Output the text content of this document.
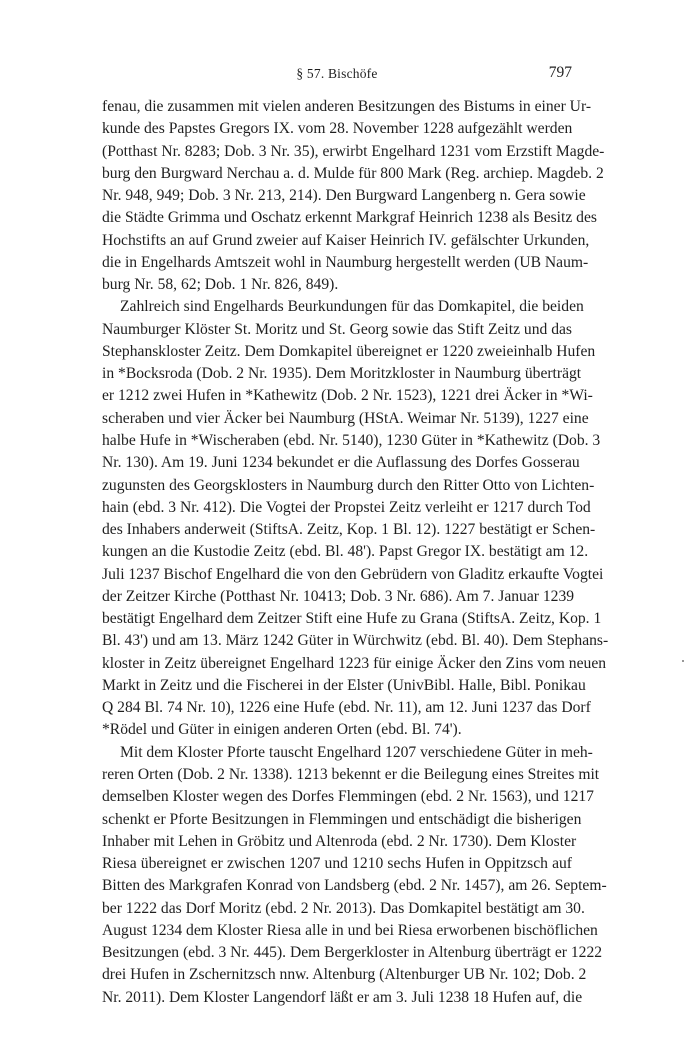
§ 57. Bischöfe	797
fenau, die zusammen mit vielen anderen Besitzungen des Bistums in einer Ur-
kunde des Papstes Gregors IX. vom 28. November 1228 aufgezählt werden
(Potthast Nr. 8283; Dob. 3 Nr. 35), erwirbt Engelhard 1231 vom Erzstift Magde-
burg den Burgward Nerchau a. d. Mulde für 800 Mark (Reg. archiep. Magdeb. 2
Nr. 948, 949; Dob. 3 Nr. 213, 214). Den Burgward Langenberg n. Gera sowie
die Städte Grimma und Oschatz erkennt Markgraf Heinrich 1238 als Besitz des
Hochstifts an auf Grund zweier auf Kaiser Heinrich IV. gefälschter Urkunden,
die in Engelhards Amtszeit wohl in Naumburg hergestellt werden (UB Naum-
burg Nr. 58, 62; Dob. 1 Nr. 826, 849).
Zahlreich sind Engelhards Beurkundungen für das Domkapitel, die beiden
Naumburger Klöster St. Moritz und St. Georg sowie das Stift Zeitz und das
Stephanskloster Zeitz. Dem Domkapitel übereignet er 1220 zweieinhalb Hufen
in *Bocksroda (Dob. 2 Nr. 1935). Dem Moritzkloster in Naumburg überträgt
er 1212 zwei Hufen in *Kathewitz (Dob. 2 Nr. 1523), 1221 drei Äcker in *Wi-
scheraben und vier Äcker bei Naumburg (HStA. Weimar Nr. 5139), 1227 eine
halbe Hufe in *Wischeraben (ebd. Nr. 5140), 1230 Güter in *Kathewitz (Dob. 3
Nr. 130). Am 19. Juni 1234 bekundet er die Auflassung des Dorfes Gosserau
zugunsten des Georgsklosters in Naumburg durch den Ritter Otto von Lichten-
hain (ebd. 3 Nr. 412). Die Vogtei der Propstei Zeitz verleiht er 1217 durch Tod
des Inhabers anderweit (StiftsA. Zeitz, Kop. 1 Bl. 12). 1227 bestätigt er Schen-
kungen an die Kustodie Zeitz (ebd. Bl. 48'). Papst Gregor IX. bestätigt am 12.
Juli 1237 Bischof Engelhard die von den Gebrüdern von Gladitz erkaufte Vogtei
der Zeitzer Kirche (Potthast Nr. 10413; Dob. 3 Nr. 686). Am 7. Januar 1239
bestätigt Engelhard dem Zeitzer Stift eine Hufe zu Grana (StiftsA. Zeitz, Kop. 1
Bl. 43') und am 13. März 1242 Güter in Würchwitz (ebd. Bl. 40). Dem Stephans-
kloster in Zeitz übereignet Engelhard 1223 für einige Äcker den Zins vom neuen
Markt in Zeitz und die Fischerei in der Elster (UnivBibl. Halle, Bibl. Ponikau
Q 284 Bl. 74 Nr. 10), 1226 eine Hufe (ebd. Nr. 11), am 12. Juni 1237 das Dorf
*Rödel und Güter in einigen anderen Orten (ebd. Bl. 74').
Mit dem Kloster Pforte tauscht Engelhard 1207 verschiedene Güter in meh-
reren Orten (Dob. 2 Nr. 1338). 1213 bekennt er die Beilegung eines Streites mit
demselben Kloster wegen des Dorfes Flemmingen (ebd. 2 Nr. 1563), und 1217
schenkt er Pforte Besitzungen in Flemmingen und entschädigt die bisherigen
Inhaber mit Lehen in Gröbitz und Altenroda (ebd. 2 Nr. 1730). Dem Kloster
Riesa übereignet er zwischen 1207 und 1210 sechs Hufen in Oppitzsch auf
Bitten des Markgrafen Konrad von Landsberg (ebd. 2 Nr. 1457), am 26. Septem-
ber 1222 das Dorf Moritz (ebd. 2 Nr. 2013). Das Domkapitel bestätigt am 30.
August 1234 dem Kloster Riesa alle in und bei Riesa erworbenen bischöflichen
Besitzungen (ebd. 3 Nr. 445). Dem Bergerkloster in Altenburg überträgt er 1222
drei Hufen in Zschernitzsch nnw. Altenburg (Altenburger UB Nr. 102; Dob. 2
Nr. 2011). Dem Kloster Langendorf läßt er am 3. Juli 1238 18 Hufen auf, die
